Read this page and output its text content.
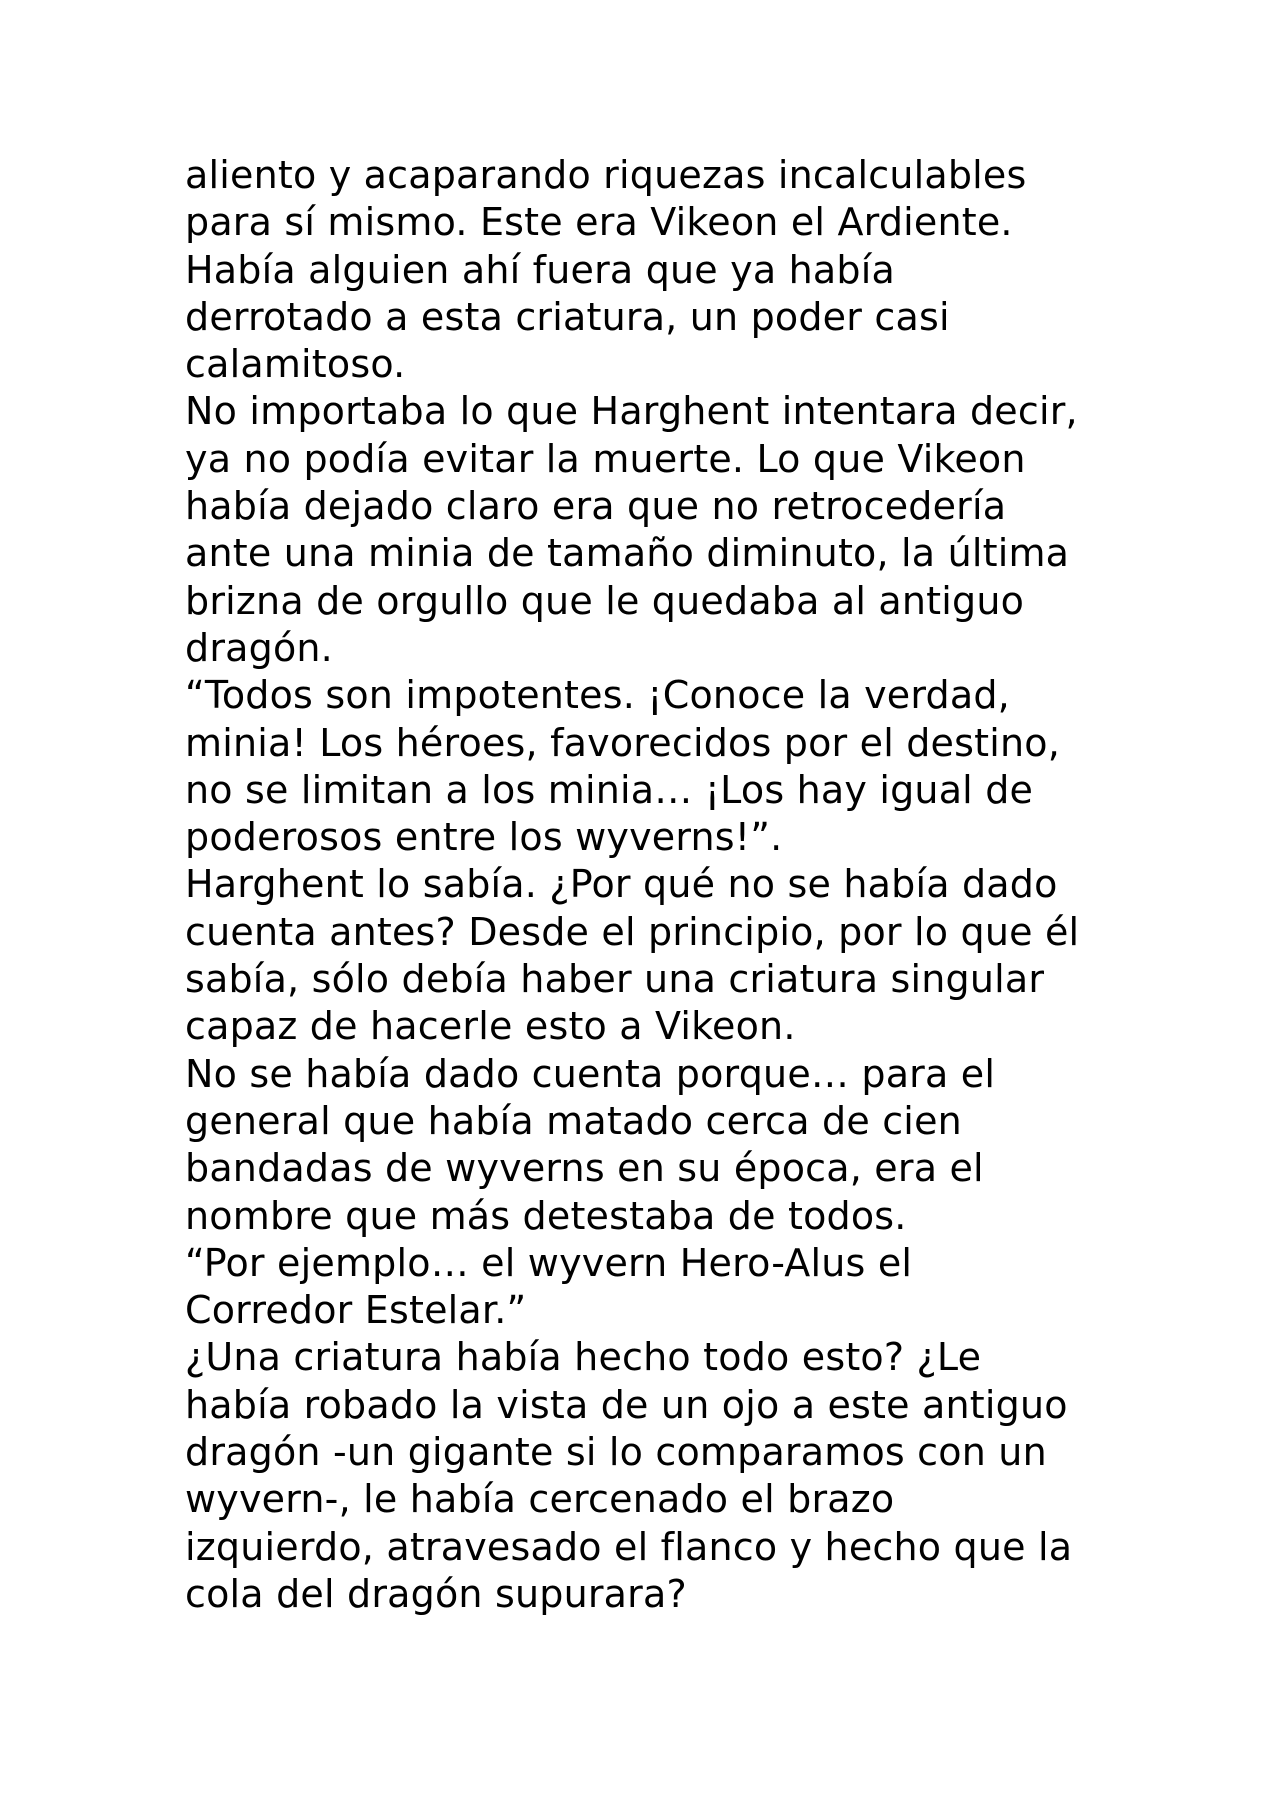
aliento y acaparando riquezas incalculables
para sí mismo. Este era Vikeon el Ardiente.
Había alguien ahí fuera que ya había
derrotado a esta criatura, un poder casi
calamitoso.
No importaba lo que Harghent intentara decir,
ya no podía evitar la muerte. Lo que Vikeon
había dejado claro era que no retrocedería
ante una minia de tamaño diminuto, la última
brizna de orgullo que le quedaba al antiguo
dragón.
“Todos son impotentes. ¡Conoce la verdad,
minia! Los héroes, favorecidos por el destino,
no se limitan a los minia… ¡Los hay igual de
poderosos entre los wyverns!”.
Harghent lo sabía. ¿Por qué no se había dado
cuenta antes? Desde el principio, por lo que él
sabía, sólo debía haber una criatura singular
capaz de hacerle esto a Vikeon.
No se había dado cuenta porque… para el
general que había matado cerca de cien
bandadas de wyverns en su época, era el
nombre que más detestaba de todos.
“Por ejemplo… el wyvern Hero-Alus el
Corredor Estelar.”
¿Una criatura había hecho todo esto? ¿Le
había robado la vista de un ojo a este antiguo
dragón -un gigante si lo comparamos con un
wyvern-, le había cercenado el brazo
izquierdo, atravesado el flanco y hecho que la
cola del dragón supurara?
